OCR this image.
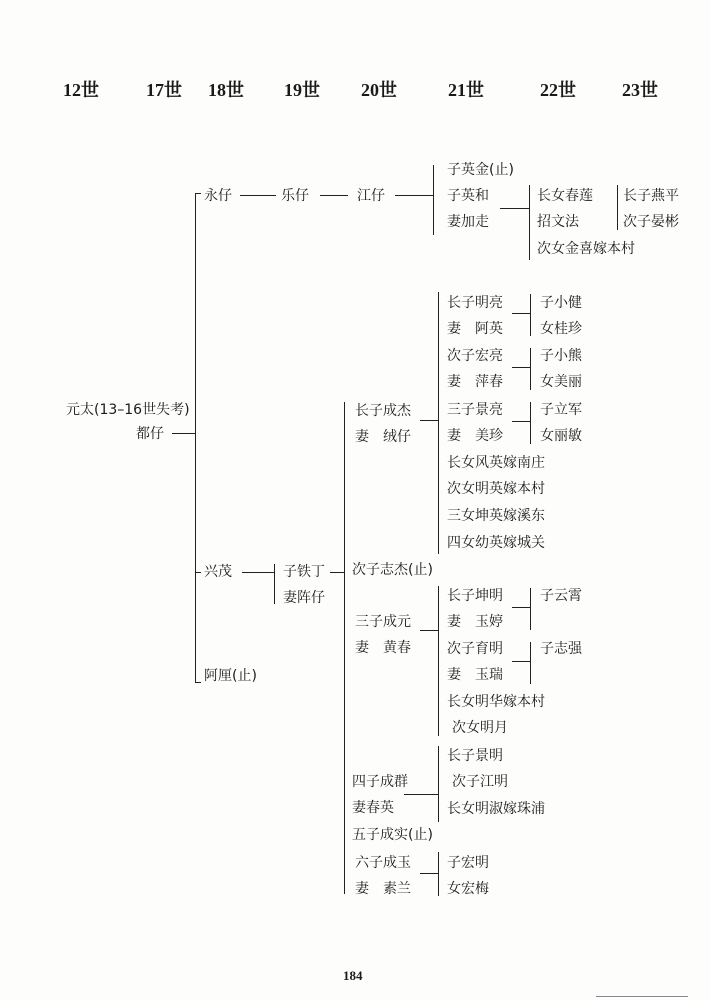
12世	17世 18世 19世 20世	21世	22世	23世
元太(13–16世失考)
都仔
永仔	乐仔	江仔
子英金(止)
子英和
妻加走
长女春莲
招文法
次女金喜嫁本村
长子燕平
次子晏彬
兴茂	子铁丁
妻阵仔
阿厘(止)
长子成杰
妻　绒仔
次子志杰(止)
三子成元
妻　黄春
四子成群
妻春英
五子成实(止)
六子成玉
妻　素兰
长子明亮
妻　阿英
次子宏亮
妻　萍春
三子景亮
妻　美珍
长女风英嫁南庄
次女明英嫁本村
三女坤英嫁溪东
四女幼英嫁城关
子小健
女桂珍
子小熊
女美丽
子立军
女丽敏
长子坤明
妻　玉婷
次子育明
妻　玉瑞
长女明华嫁本村
次女明月
子云霄
子志强
长子景明
次子江明
长女明淑嫁珠浦
子宏明
女宏梅
184
